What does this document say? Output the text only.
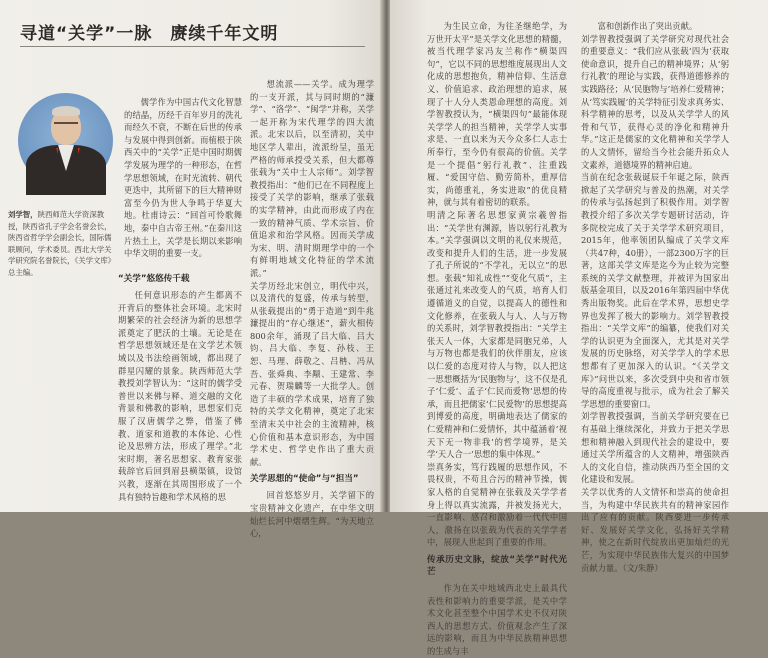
寻道“关学”一脉　赓续千年文明
刘学智，陕西师范大学资深教授，陕西省孔子学会名誉会长，陕西省哲学学会副会长，国际儒联顾问，学术委员。西北大学关学研究院名誉院长，《关学文库》总主编。

儒学作为中国古代文化智慧的结晶，历经千百年岁月的洗礼而经久不衰，不断在后世的传承与发展中得到创新。而植根于陕西关中的“关学”正是中国时期儒学发展为理学的一种形态，在哲学思想领域，在时光流转、朝代更迭中，其所留下的巨大精神财富至今仍为世人争鸣于华夏大地。杜甫诗云：“回首可怜歌舞地，秦中自古帝王州。”在秦川这片热土上，关学是长期以来影响中华文明的重要一支。

“关学”悠悠传千载

任何意识形态的产生都离不开背后的整体社会环境。北宋时期繁荣的社会经济为新的思想学派奠定了肥沃的土壤。无论是在哲学思想领域还是在文学艺术领域以及书法绘画领域，都出现了群星闪耀的景象。陕西师范大学教授刘学智认为：“这时的儒学受普世以来佛与释、道交融的文化背景和佛教的影响，思想家们克服了汉唐儒学之弊，借鉴了佛教、道家和道教的本体论、心性论及思辨方法，形成了理学。”北宋时期，著名思想家、教育家张载辞官后回到眉县横渠镇，设馆兴教，逐渐在其周围形成了一个具有独特旨趣和学术风格的思

想流派——关学。成为理学的一支开派，其与同时期的“濂学”、“洛学”、“闽学”并称，关学一起开称为宋代理学的四大流派。北宋以后，以至清初，关中地区学人辈出，流派纷呈，虽无严格的师承授受关系，但大都尊张载为“关中士人宗师”。刘学智教授指出：“他们已在不同程度上接受了关学的影响，继承了张载的实学精神，由此而形成了内在一致的精神气质、学术宗旨、价值追求和治学风格。因而关学成为宋、明、清时期理学中的一个有鲜明地域文化特征的学术流派。”
关学历经北宋创立，明代中兴，以及清代的复盛，传承与转型，从张载提出的“勇于造道”到牛兆濂提出的“存心继述”，薪火相传800余年，涌现了吕大临、吕大钧、吕大临、李复、孙枝、王恕、马理、薛敬之、吕柟、冯从吾、张舜典、李颙、王建常、李元春、贺瑞麟等一大批学人。创造了丰硕的学术成果，培育了独特的关学文化精神，奠定了北宋至清末关中社会的主流精神，核心价值和基本意识形态，为中国学术史、哲学史作出了重大贡献。

关学思想的“使命”与“担当”

回首悠悠岁月，关学留下的宝贵精神文化遗产，在中华文明灿烂长河中熠熠生辉。“为天地立心，

为生民立命，为往圣继绝学，为万世开太平”是关学文化思想的精髓，被当代理学家冯友兰称作“横渠四句”，它以不同的思想维度展现出人文化成的思想抱负，精神信仰、生活意义、价值追求、政治理想的追求，展现了十人分人类恩命理想的高度。刘学智教授认为，“横渠四句”最能体现关学学人的担当精神，关学学人实事求是、一直以来为天今众多仁人志士所奉行，至今仍有很高的价值。关学是一个提倡“躬行礼教”、注重践履、“爱国守信、勤劳简朴，重厚信实，尚德重礼，务实进取”的优良精神，就与其有着密切的联系。
明清之际著名思想家黄宗羲曾指出：“关学世有渊源，皆以躬行礼教为本。”关学强调以文明的礼仪来规范，改变和提升人们的生活，进一步发展了孔子所说的“不学礼，无以立”的思想。张载“知礼成性”“变化气质”，主张通过礼来改变人的气质，培育人们遵循道义的自觉，以提高人的德性和文化修养，在张载人与人、人与万物的关系时，刘学智教授指出：“关学主张天人一体，大家都是同胞兄弟，人与万物也都是我们的伙伴朋友，应该以仁爱的态度对待人与物，以人把这一思想概括为‘民胞物与’，这不仅是孔子‘仁爱’、孟子‘仁民而爱物’思想的传承，而且把儒家‘仁民爱物’的思想提高到博爱的高度，明确地表达了儒家的仁爱精神和仁爱情怀，其中蕴涵着‘视天下无一物非我’的哲学境界，是关学‘天人合一’思想的集中体现。”
崇真务实，笃行践履的思想作风，不畏权贵，不苟且合污的精神节操，儒家人格的自觉精神在张载及关学学者身上得以真实流露，并被发扬光大，一直影响、感召和激励着一代代中国人，激扬在以张载为代表的关学学者中，展现人世起到了重要的作用。

传承历史文脉，绽放“关学”时代光芒

作为在关中地域西北史上最具代表性和影响力的重要学派，是关中学术文化甚至整个中国学术史不仅对陕西人的思想方式、价值观念产生了深远的影响，而且为中华民族精神思想的生成与丰

富和创新作出了突出贡献。
刘学智教授强调了关学研究对现代社会的重要意义：“我们应从张载‘四为’获取使命意识，提升自己的精神境界；从‘躬行礼教’的理论与实践，获得道德修养的实践路径；从‘民胞物与’培养仁爱精神；从‘笃实践履’的关学特征引发求真务实、科学精神的思考，以及从关学学人的风骨和气节，获得心灵的净化和精神升华。”这正是儒家的文化精神和关学学人的人文情怀，留给当今社会能升拓众人文素养，道德境界的精神启迪。
当前在纪念张载诞辰千年诞之际，陕西掀起了关学研究与普及的热潮，对关学的传承与弘扬起到了积极作用。刘学智教授介绍了多次关学专题研讨活动，许多院校完成了关于关学学术研究项目，2015年，他率领团队编成了关学文库（共47种，40册），一部2300万字的巨著，这部关学文库是迄今为止较为完整系统的关学文献整理，并被评为国家出版基金项目，以及2016年第四届中华优秀出版物奖。此后在学术界，思想史学界也发挥了极大的影响力。刘学智教授指出：“关学文库”的编纂，使我们对关学的认识更为全面深入，尤其是对关学发展的历史脉络，对关学学人的学术思想都有了更加深入的认识。“《关学文库》”问世以来，多次受到中央和省市领导的高度重视与批示，成为社会了解关学思想的重要窗口。
刘学智教授强调，当前关学研究要在已有基础上继续深化，并致力于把关学思想和精神融入到现代社会的建设中，要通过关学所蕴含的人文精神，增强陕西人的文化自信，推动陕西乃至全国的文化建设和发展。
关学以优秀的人文情怀和崇高的使命担当，为构建中华民族共有的精神家园作出了应有的贡献。陕西要进一步传承好、发展好关学文化，弘扬好关学精神，使之在新时代绽放出更加灿烂的光芒，为实现中华民族伟大复兴的中国梦贡献力量。（文/朱静）
